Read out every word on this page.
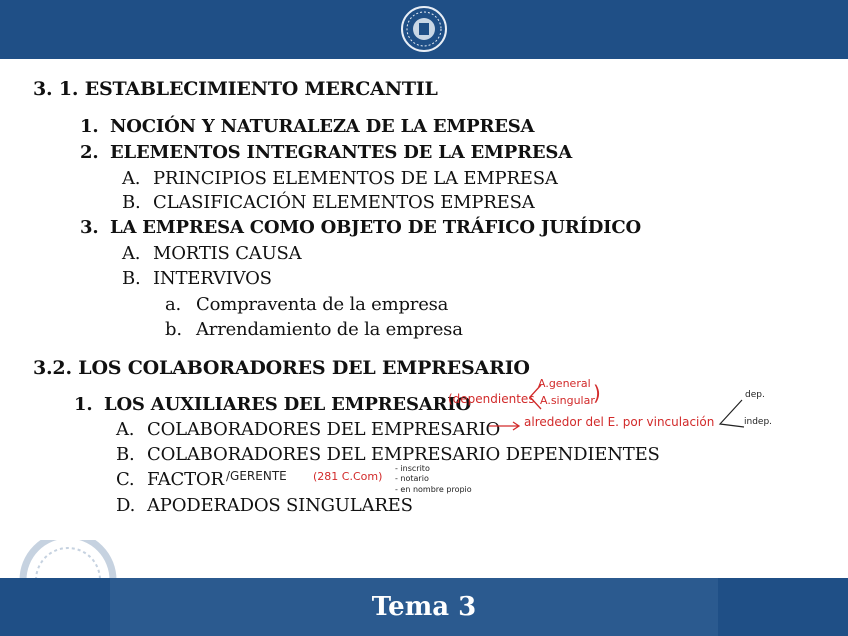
3. 1. ESTABLECIMIENTO MERCANTIL
1. NOCIÓN Y NATURALEZA DE LA EMPRESA
2. ELEMENTOS INTEGRANTES DE LA EMPRESA
A. PRINCIPIOS ELEMENTOS DE LA EMPRESA
B. CLASIFICACIÓN ELEMENTOS EMPRESA
3. LA EMPRESA COMO OBJETO DE TRÁFICO JURÍDICO
A. MORTIS CAUSA
B. INTERVIVOS
a. Compraventa de la empresa
b. Arrendamiento de la empresa
3.2. LOS COLABORADORES DEL EMPRESARIO
1. LOS AUXILIARES DEL EMPRESARIO
A. COLABORADORES DEL EMPRESARIO
B. COLABORADORES DEL EMPRESARIO DEPENDIENTES
C. FACTOR
D. APODERADOS SINGULARES
(dependientes
A.general
A.singular
)
alrededor del E. por vinculación
dep.
indep.
/GERENTE (281 C.Com)
- inscrito
- notario
- en nombre propio
Tema 3
